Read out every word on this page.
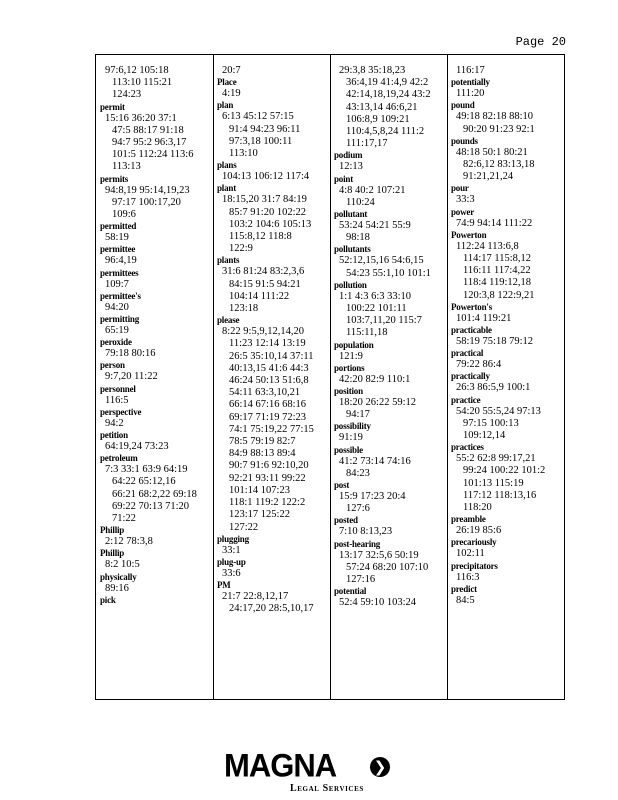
Page 20
97:6,12 105:18
113:10 115:21
124:23
permit
15:16 36:20 37:1
47:5 88:17 91:18
94:7 95:2 96:3,17
101:5 112:24 113:6
113:13
permits
94:8,19 95:14,19,23
97:17 100:17,20
109:6
permitted
58:19
permittee
96:4,19
permittees
109:7
permittee's
94:20
permitting
65:19
peroxide
79:18 80:16
person
9:7,20 11:22
personnel
116:5
perspective
94:2
petition
64:19,24 73:23
petroleum
7:3 33:1 63:9 64:19
64:22 65:12,16
66:21 68:2,22 69:18
69:22 70:13 71:20
71:22
Phillip
2:12 78:3,8
Phillip
8:2 10:5
physically
89:16
pick
20:7
Place
4:19
plan
6:13 45:12 57:15
91:4 94:23 96:11
97:3,18 100:11
113:10
plans
104:13 106:12 117:4
plant
18:15,20 31:7 84:19
85:7 91:20 102:22
103:2 104:6 105:13
115:8,12 118:8
122:9
plants
31:6 81:24 83:2,3,6
84:15 91:5 94:21
104:14 111:22
123:18
please
8:22 9:5,9,12,14,20
11:23 12:14 13:19
26:5 35:10,14 37:11
40:13,15 41:6 44:3
46:24 50:13 51:6,8
54:11 63:3,10,21
66:14 67:16 68:16
69:17 71:19 72:23
74:1 75:19,22 77:15
78:5 79:19 82:7
84:9 88:13 89:4
90:7 91:6 92:10,20
92:21 93:11 99:22
101:14 107:23
118:1 119:2 122:2
123:17 125:22
127:22
plugging
33:1
plug-up
33:6
PM
21:7 22:8,12,17
24:17,20 28:5,10,17
29:3,8 35:18,23
36:4,19 41:4,9 42:2
42:14,18,19,24 43:2
43:13,14 46:6,21
106:8,9 109:21
110:4,5,8,24 111:2
111:17,17
podium
12:13
point
4:8 40:2 107:21
110:24
pollutant
53:24 54:21 55:9
98:18
pollutants
52:12,15,16 54:6,15
54:23 55:1,10 101:1
pollution
1:1 4:3 6:3 33:10
100:22 101:11
103:7,11,20 115:7
115:11,18
population
121:9
portions
42:20 82:9 110:1
position
18:20 26:22 59:12
94:17
possibility
91:19
possible
41:2 73:14 74:16
84:23
post
15:9 17:23 20:4
127:6
posted
7:10 8:13,23
post-hearing
13:17 32:5,6 50:19
57:24 68:20 107:10
127:16
potential
52:4 59:10 103:24
116:17
potentially
111:20
pound
49:18 82:18 88:10
90:20 91:23 92:1
pounds
48:18 50:1 80:21
82:6,12 83:13,18
91:21,21,24
pour
33:3
power
74:9 94:14 111:22
Powerton
112:24 113:6,8
114:17 115:8,12
116:11 117:4,22
118:4 119:12,18
120:3,8 122:9,21
Powerton's
101:4 119:21
practicable
58:19 75:18 79:12
practical
79:22 86:4
practically
26:3 86:5,9 100:1
practice
54:20 55:5,24 97:13
97:15 100:13
109:12,14
practices
55:2 62:8 99:17,21
99:24 100:22 101:2
101:13 115:19
117:12 118:13,16
118:20
preamble
26:19 85:6
precariously
102:11
precipitators
116:3
predict
84:5
MAGNA	❯
Legal Services
